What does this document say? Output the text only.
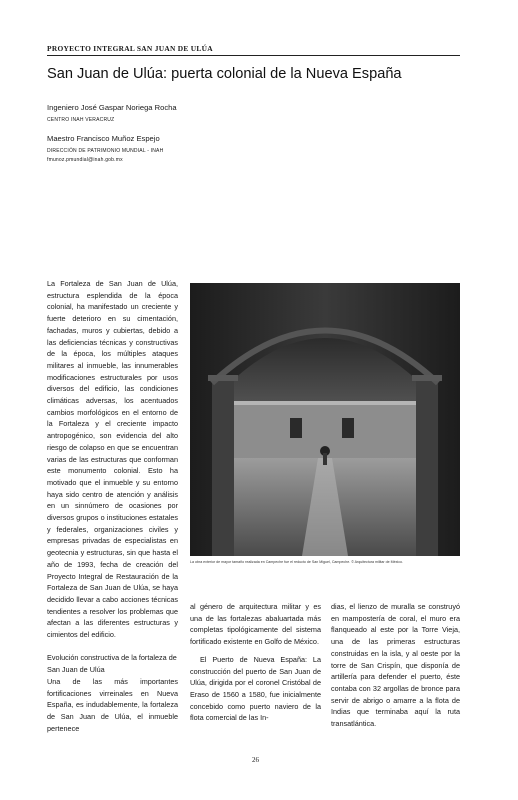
PROYECTO INTEGRAL SAN JUAN DE ULÚA
San Juan de Ulúa: puerta colonial de la Nueva España
Ingeniero José Gaspar Noriega Rocha
CENTRO INAH VERACRUZ
Maestro Francisco Muñoz Espejo
DIRECCIÓN DE PATRIMONIO MUNDIAL - INAH
fmunoz.pmundial@inah.gob.mx

La Fortaleza de San Juan de Ulúa, estructura esplendida de la época colonial, ha manifestado un creciente y fuerte deterioro en su cimentación, fachadas, muros y cubiertas, debido a las deficiencias técnicas y constructivas de la época, los múltiples ataques militares al inmueble, las innumerables modificaciones estructurales por usos diversos del edificio, las condiciones climáticas adversas, los acentuados cambios morfológicos en el entorno de la Fortaleza y el creciente impacto antropogénico, son evidencia del alto riesgo de colapso en que se encuentran varias de las estructuras que conforman este monumento colonial. Esto ha motivado que el inmueble y su entorno haya sido centro de atención y análisis en un sinnúmero de ocasiones por diversos grupos o instituciones estatales y federales, organizaciones civiles y empresas privadas de especialistas en geotecnia y estructuras, sin que hasta el año de 1993, fecha de creación del Proyecto Integral de Restauración de la Fortaleza de San Juan de Ulúa, se haya decidido llevar a cabo acciones técnicas tendientes a resolver los problemas que afectan a las diferentes estructuras y cimientos del edificio.

Evolución constructiva de la fortaleza de San Juan de Ulúa

Una de las más importantes fortificaciones virreinales en Nueva España, es indudablemente, la fortaleza de San Juan de Ulúa, el inmueble pertenece

La obra exterior de mayor tamaño realizada en Campeche fue el reducto de San Miguel, Campeche. © Arquitectura militar de México.

al género de arquitectura militar y es una de las fortalezas abaluartada más completas tipológicamente del sistema fortificado existente en Golfo de México.

El Puerto de Nueva España: La construcción del puerto de San Juan de Ulúa, dirigida por el coronel Cristóbal de Eraso de 1560 a 1580, fue inicialmente concebido como puerto naviero de la flota comercial de las In-

dias, el lienzo de muralla se construyó en mampostería de coral, el muro era flanqueado al este por la Torre Vieja, una de las primeras estructuras construidas en la isla, y al oeste por la torre de San Crispín, que disponía de artillería para defender el puerto, éste contaba con 32 argollas de bronce para servir de abrigo o amarre a la flota de Indias que terminaba aquí la ruta transatlántica.

26
